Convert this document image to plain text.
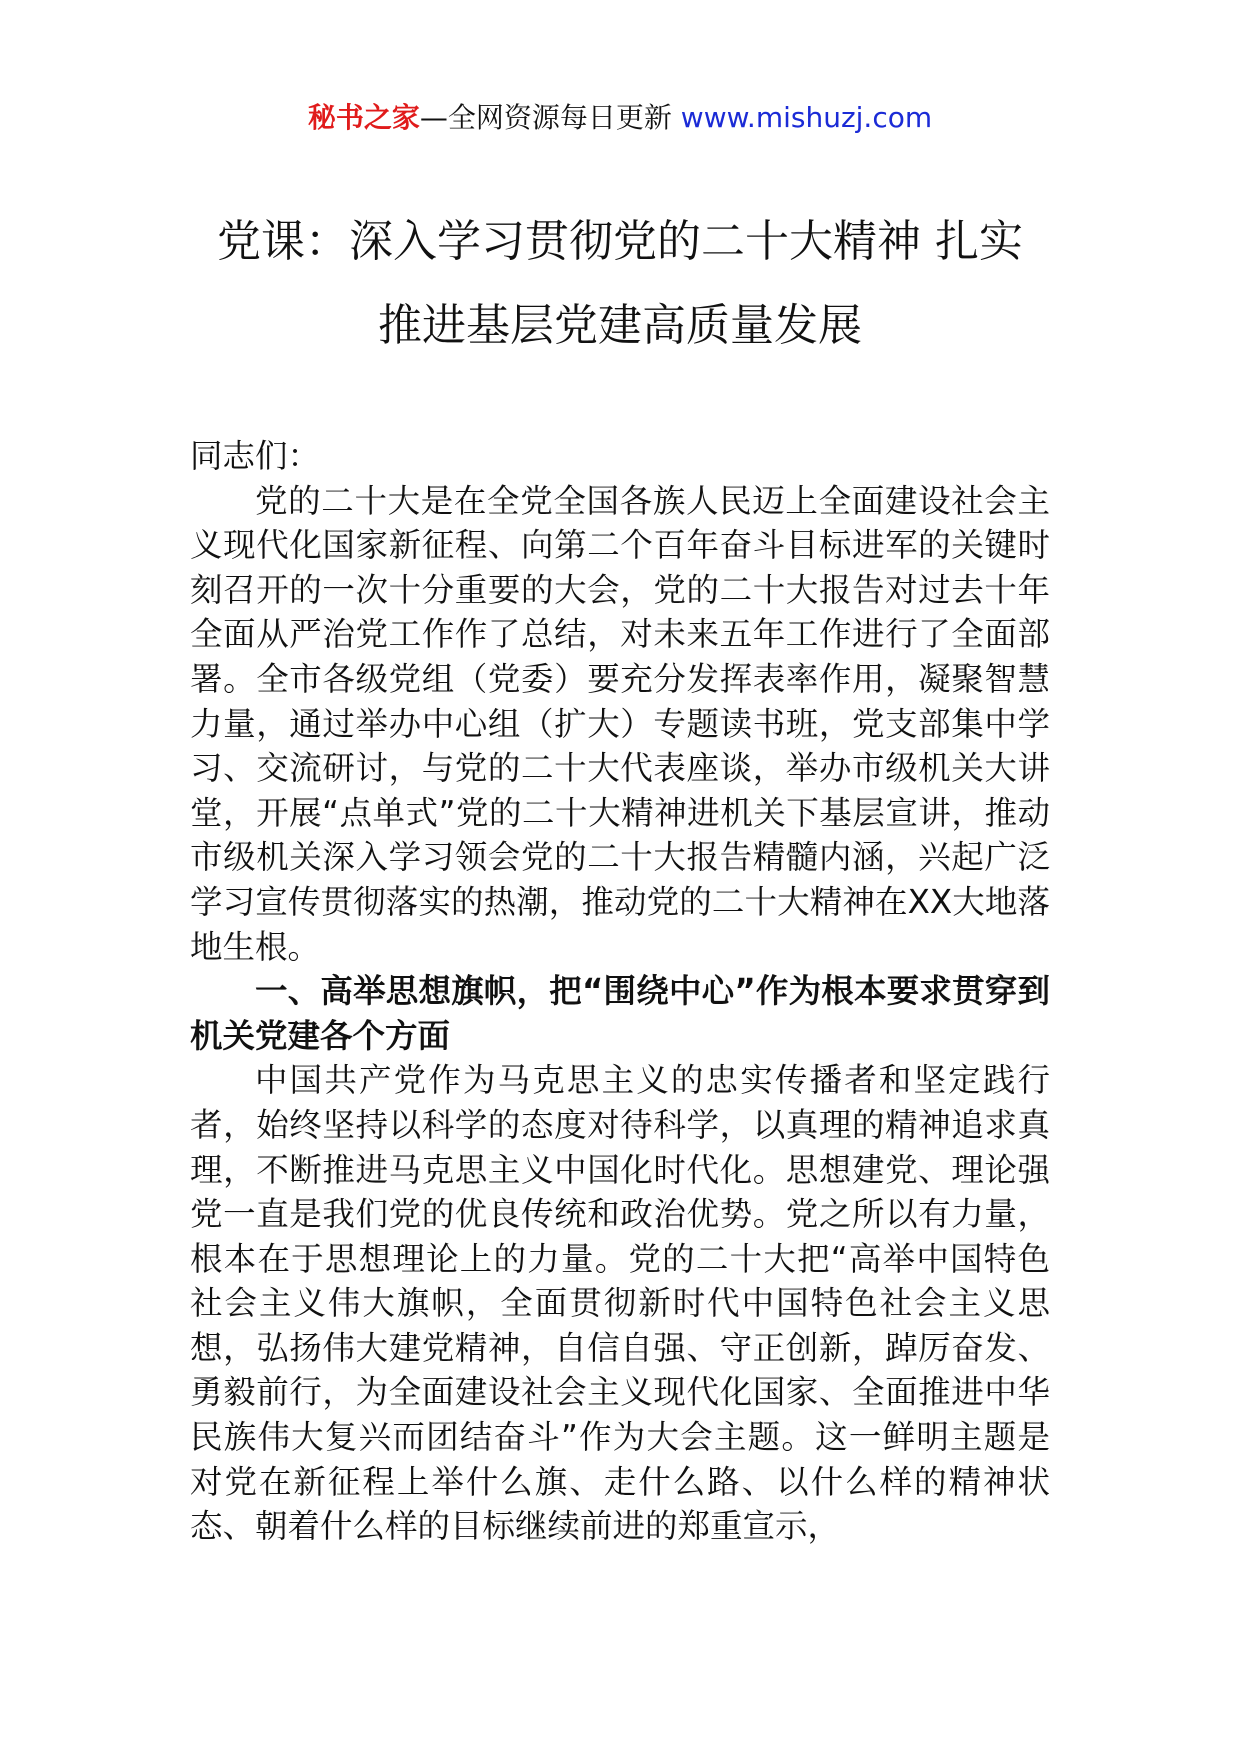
秘书之家—全网资源每日更新 www.mishuzj.com
党课：深入学习贯彻党的二十大精神 扎实
推进基层党建高质量发展

同志们：

党的二十大是在全党全国各族人民迈上全面建设社会主义现代化国家新征程、向第二个百年奋斗目标进军的关键时刻召开的一次十分重要的大会，党的二十大报告对过去十年全面从严治党工作作了总结，对未来五年工作进行了全面部署。全市各级党组（党委）要充分发挥表率作用，凝聚智慧力量，通过举办中心组（扩大）专题读书班，党支部集中学习、交流研讨，与党的二十大代表座谈，举办市级机关大讲堂，开展“点单式”党的二十大精神进机关下基层宣讲，推动市级机关深入学习领会党的二十大报告精髓内涵，兴起广泛学习宣传贯彻落实的热潮，推动党的二十大精神在XX大地落地生根。

一、高举思想旗帜，把“围绕中心”作为根本要求贯穿到机关党建各个方面

中国共产党作为马克思主义的忠实传播者和坚定践行者，始终坚持以科学的态度对待科学，以真理的精神追求真理，不断推进马克思主义中国化时代化。思想建党、理论强党一直是我们党的优良传统和政治优势。党之所以有力量，根本在于思想理论上的力量。党的二十大把“高举中国特色社会主义伟大旗帜，全面贯彻新时代中国特色社会主义思想，弘扬伟大建党精神，自信自强、守正创新，踔厉奋发、勇毅前行，为全面建设社会主义现代化国家、全面推进中华民族伟大复兴而团结奋斗”作为大会主题。这一鲜明主题是对党在新征程上举什么旗、走什么路、以什么样的精神状态、朝着什么样的目标继续前进的郑重宣示，
